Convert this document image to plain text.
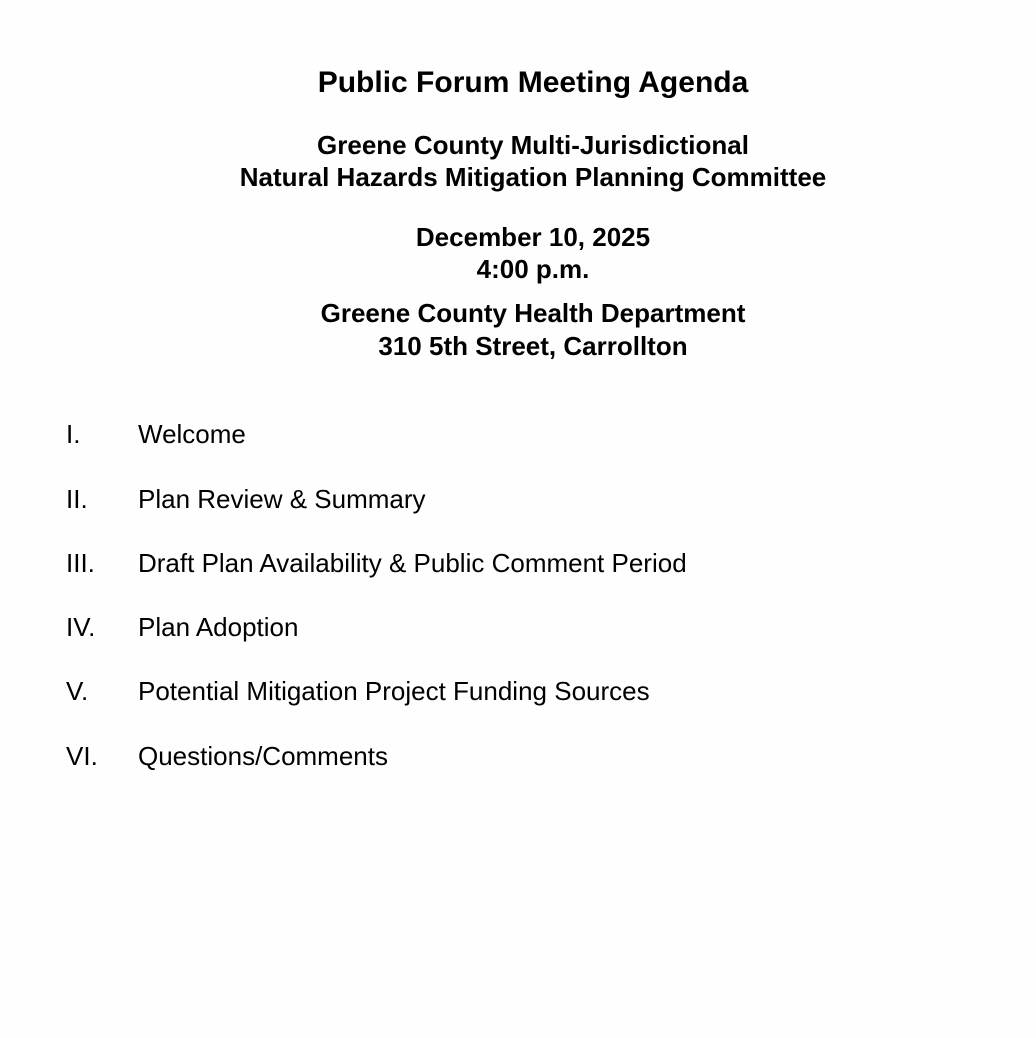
Public Forum Meeting Agenda
Greene County Multi-Jurisdictional
Natural Hazards Mitigation Planning Committee
December 10, 2025
4:00 p.m.
Greene County Health Department
310 5th Street, Carrollton
I. Welcome
II. Plan Review & Summary
III. Draft Plan Availability & Public Comment Period
IV. Plan Adoption
V. Potential Mitigation Project Funding Sources
VI. Questions/Comments
